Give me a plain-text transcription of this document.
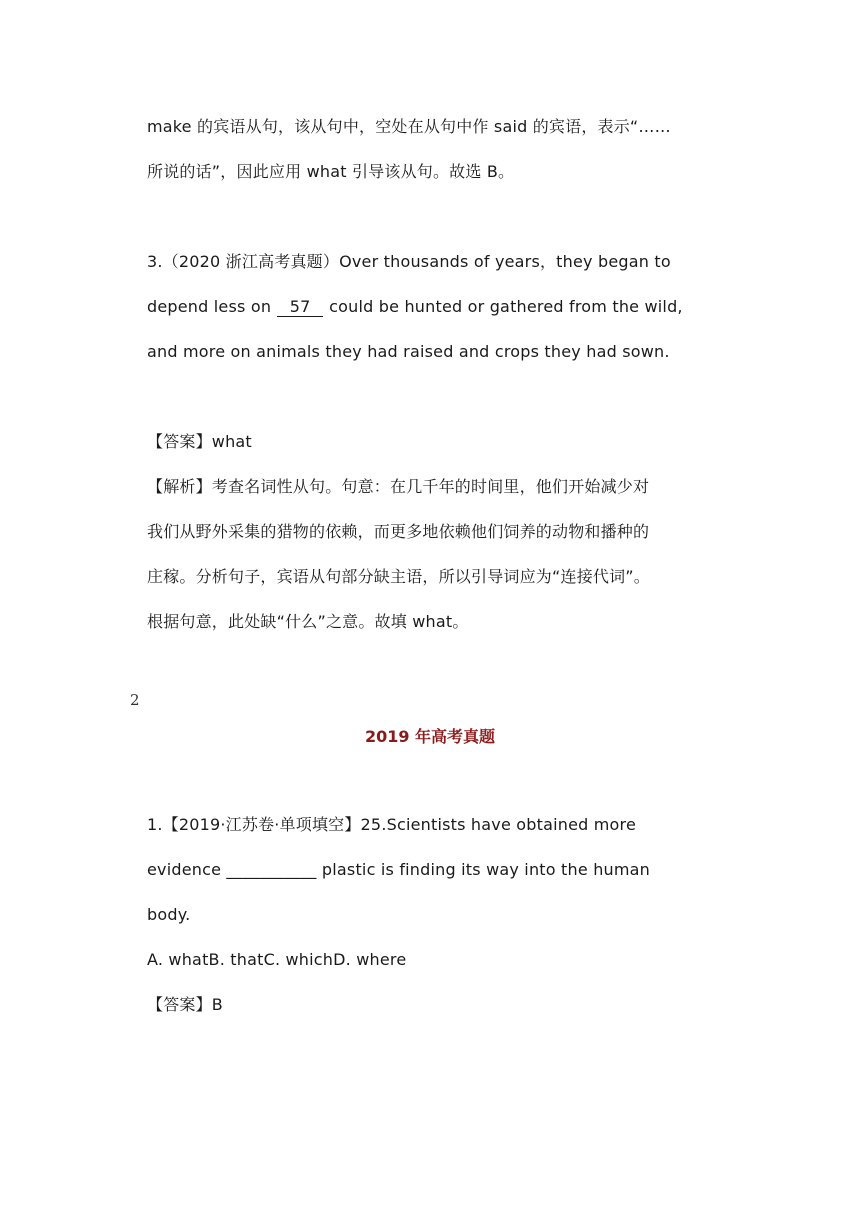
make 的宾语从句，该从句中，空处在从句中作 said 的宾语，表示“……
所说的话”，因此应用 what 引导该从句。故选 B。
3.（2020 浙江高考真题）Over thousands of years，they began to
depend less on 57 could be hunted or gathered from the wild,
and more on animals they had raised and crops they had sown.
【答案】what
【解析】考查名词性从句。句意：在几千年的时间里，他们开始减少对
我们从野外采集的猎物的依赖，而更多地依赖他们饲养的动物和播种的
庄稼。分析句子，宾语从句部分缺主语，所以引导词应为“连接代词”。
根据句意，此处缺“什么”之意。故填 what。
2
2019 年高考真题
1.【2019·江苏卷·单项填空】25.Scientists have obtained more
evidence ___________ plastic is finding its way into the human
body.
A. whatB. thatC. whichD. where
【答案】B
